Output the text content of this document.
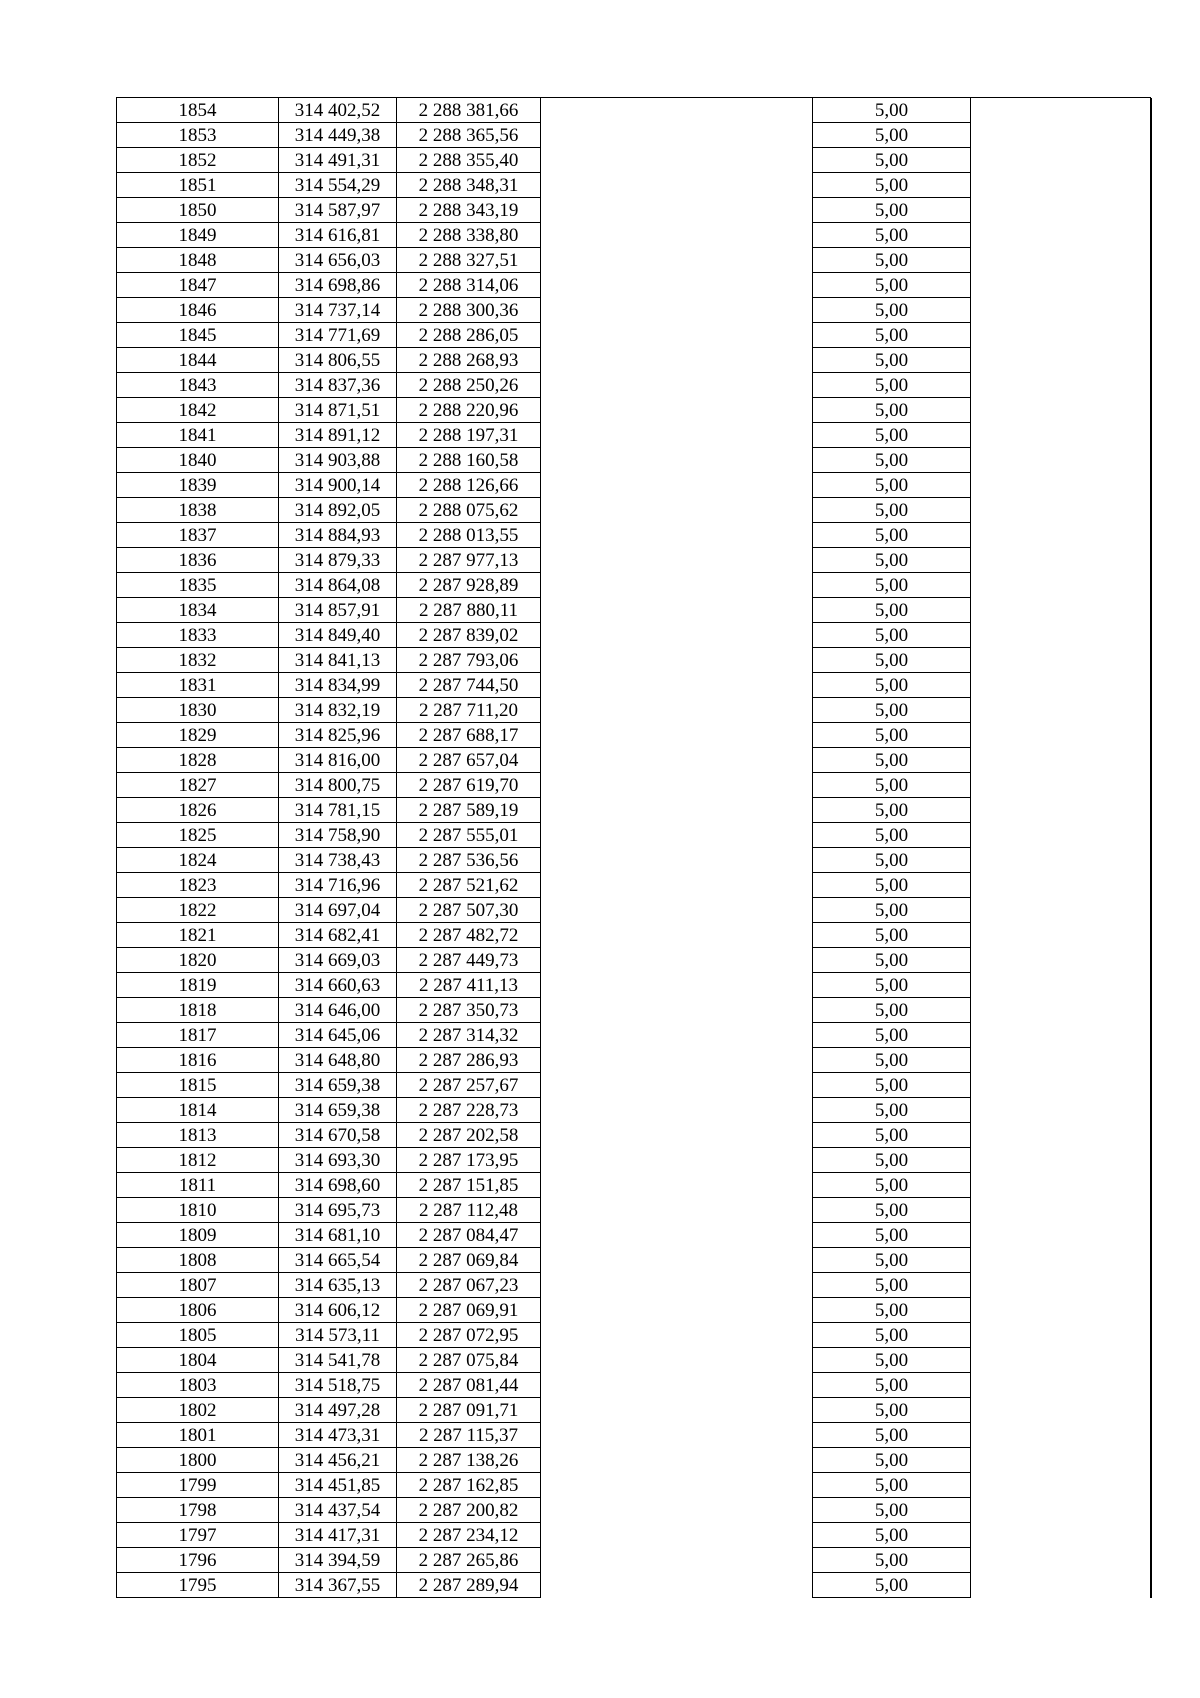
1854	314 402,52	2 288 381,66		5,00	
1853	314 449,38	2 288 365,56		5,00	
1852	314 491,31	2 288 355,40		5,00	
1851	314 554,29	2 288 348,31		5,00	
1850	314 587,97	2 288 343,19		5,00	
1849	314 616,81	2 288 338,80		5,00	
1848	314 656,03	2 288 327,51		5,00	
1847	314 698,86	2 288 314,06		5,00	
1846	314 737,14	2 288 300,36		5,00	
1845	314 771,69	2 288 286,05		5,00	
1844	314 806,55	2 288 268,93		5,00	
1843	314 837,36	2 288 250,26		5,00	
1842	314 871,51	2 288 220,96		5,00	
1841	314 891,12	2 288 197,31		5,00	
1840	314 903,88	2 288 160,58		5,00	
1839	314 900,14	2 288 126,66		5,00	
1838	314 892,05	2 288 075,62		5,00	
1837	314 884,93	2 288 013,55		5,00	
1836	314 879,33	2 287 977,13		5,00	
1835	314 864,08	2 287 928,89		5,00	
1834	314 857,91	2 287 880,11		5,00	
1833	314 849,40	2 287 839,02		5,00	
1832	314 841,13	2 287 793,06		5,00	
1831	314 834,99	2 287 744,50		5,00	
1830	314 832,19	2 287 711,20		5,00	
1829	314 825,96	2 287 688,17		5,00	
1828	314 816,00	2 287 657,04		5,00	
1827	314 800,75	2 287 619,70		5,00	
1826	314 781,15	2 287 589,19		5,00	
1825	314 758,90	2 287 555,01		5,00	
1824	314 738,43	2 287 536,56		5,00	
1823	314 716,96	2 287 521,62		5,00	
1822	314 697,04	2 287 507,30		5,00	
1821	314 682,41	2 287 482,72		5,00	
1820	314 669,03	2 287 449,73		5,00	
1819	314 660,63	2 287 411,13		5,00	
1818	314 646,00	2 287 350,73		5,00	
1817	314 645,06	2 287 314,32		5,00	
1816	314 648,80	2 287 286,93		5,00	
1815	314 659,38	2 287 257,67		5,00	
1814	314 659,38	2 287 228,73		5,00	
1813	314 670,58	2 287 202,58		5,00	
1812	314 693,30	2 287 173,95		5,00	
1811	314 698,60	2 287 151,85		5,00	
1810	314 695,73	2 287 112,48		5,00	
1809	314 681,10	2 287 084,47		5,00	
1808	314 665,54	2 287 069,84		5,00	
1807	314 635,13	2 287 067,23		5,00	
1806	314 606,12	2 287 069,91		5,00	
1805	314 573,11	2 287 072,95		5,00	
1804	314 541,78	2 287 075,84		5,00	
1803	314 518,75	2 287 081,44		5,00	
1802	314 497,28	2 287 091,71		5,00	
1801	314 473,31	2 287 115,37		5,00	
1800	314 456,21	2 287 138,26		5,00	
1799	314 451,85	2 287 162,85		5,00	
1798	314 437,54	2 287 200,82		5,00	
1797	314 417,31	2 287 234,12		5,00	
1796	314 394,59	2 287 265,86		5,00	
1795	314 367,55	2 287 289,94		5,00	
